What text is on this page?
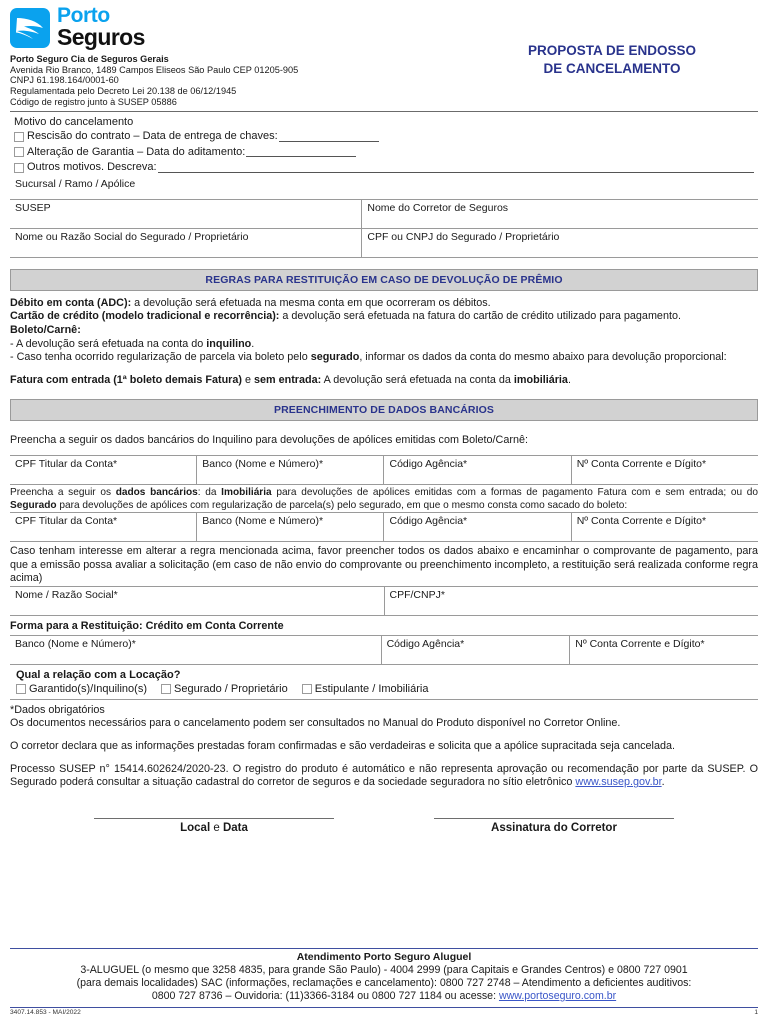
Porto
Seguros
Porto Seguro Cia de Seguros Gerais
Avenida Rio Branco, 1489 Campos Eliseos São Paulo CEP 01205-905
CNPJ 61.198.164/0001-60
Regulamentada pelo Decreto Lei 20.138 de 06/12/1945
Código de registro junto à SUSEP 05886
PROPOSTA DE ENDOSSO
DE CANCELAMENTO
Motivo do cancelamento
Rescisão do contrato – Data de entrega de chaves:
Alteração de Garantia – Data do aditamento:
Outros motivos. Descreva:
Sucursal / Ramo / Apólice
SUSEP	Nome do Corretor de Seguros
Nome ou Razão Social do Segurado / Proprietário	CPF ou CNPJ do Segurado / Proprietário
REGRAS PARA RESTITUIÇÃO EM CASO DE DEVOLUÇÃO DE PRÊMIO
Débito em conta (ADC): a devolução será efetuada na mesma conta em que ocorreram os débitos.
Cartão de crédito (modelo tradicional e recorrência): a devolução será efetuada na fatura do cartão de crédito utilizado para pagamento.
Boleto/Carnê:
- A devolução será efetuada na conta do inquilino.
- Caso tenha ocorrido regularização de parcela via boleto pelo segurado, informar os dados da conta do mesmo abaixo para devolução proporcional:
Fatura com entrada (1ª boleto demais Fatura) e sem entrada: A devolução será efetuada na conta da imobiliária.
PREENCHIMENTO DE DADOS BANCÁRIOS
Preencha a seguir os dados bancários do Inquilino para devoluções de apólices emitidas com Boleto/Carnê:
CPF Titular da Conta*	Banco (Nome e Número)*	Código Agência*	Nº Conta Corrente e Dígito*
Preencha a seguir os dados bancários: da Imobiliária para devoluções de apólices emitidas com a formas de pagamento Fatura com e sem entrada; ou do Segurado para devoluções de apólices com regularização de parcela(s) pelo segurado, em que o mesmo consta como sacado do boleto:
CPF Titular da Conta*	Banco (Nome e Número)*	Código Agência*	Nº Conta Corrente e Dígito*
Caso tenham interesse em alterar a regra mencionada acima, favor preencher todos os dados abaixo e encaminhar o comprovante de pagamento, para que a emissão possa avaliar a solicitação (em caso de não envio do comprovante ou preenchimento incompleto, a restituição será realizada conforme regra acima)
Nome / Razão Social*	CPF/CNPJ*
Forma para a Restituição: Crédito em Conta Corrente
Banco (Nome e Número)*	Código Agência*	Nº Conta Corrente e Dígito*
Qual a relação com a Locação?
Garantido(s)/Inquilino(s) Segurado / Proprietário Estipulante / Imobiliária
*Dados obrigatórios
Os documentos necessários para o cancelamento podem ser consultados no Manual do Produto disponível no Corretor Online.
O corretor declara que as informações prestadas foram confirmadas e são verdadeiras e solicita que a apólice supracitada seja cancelada.
Processo SUSEP n° 15414.602624/2020-23. O registro do produto é automático e não representa aprovação ou recomendação por parte da SUSEP. O Segurado poderá consultar a situação cadastral do corretor de seguros e da sociedade seguradora no sítio eletrônico www.susep.gov.br.
Local e Data	Assinatura do Corretor
Atendimento Porto Seguro Aluguel
3-ALUGUEL (o mesmo que 3258 4835, para grande São Paulo) - 4004 2999 (para Capitais e Grandes Centros) e 0800 727 0901
(para demais localidades) SAC (informações, reclamações e cancelamento): 0800 727 2748 – Atendimento a deficientes auditivos:
0800 727 8736 – Ouvidoria: (11)3366-3184 ou 0800 727 1184 ou acesse: www.portoseguro.com.br
3407.14.853 - MAI/2022	1
